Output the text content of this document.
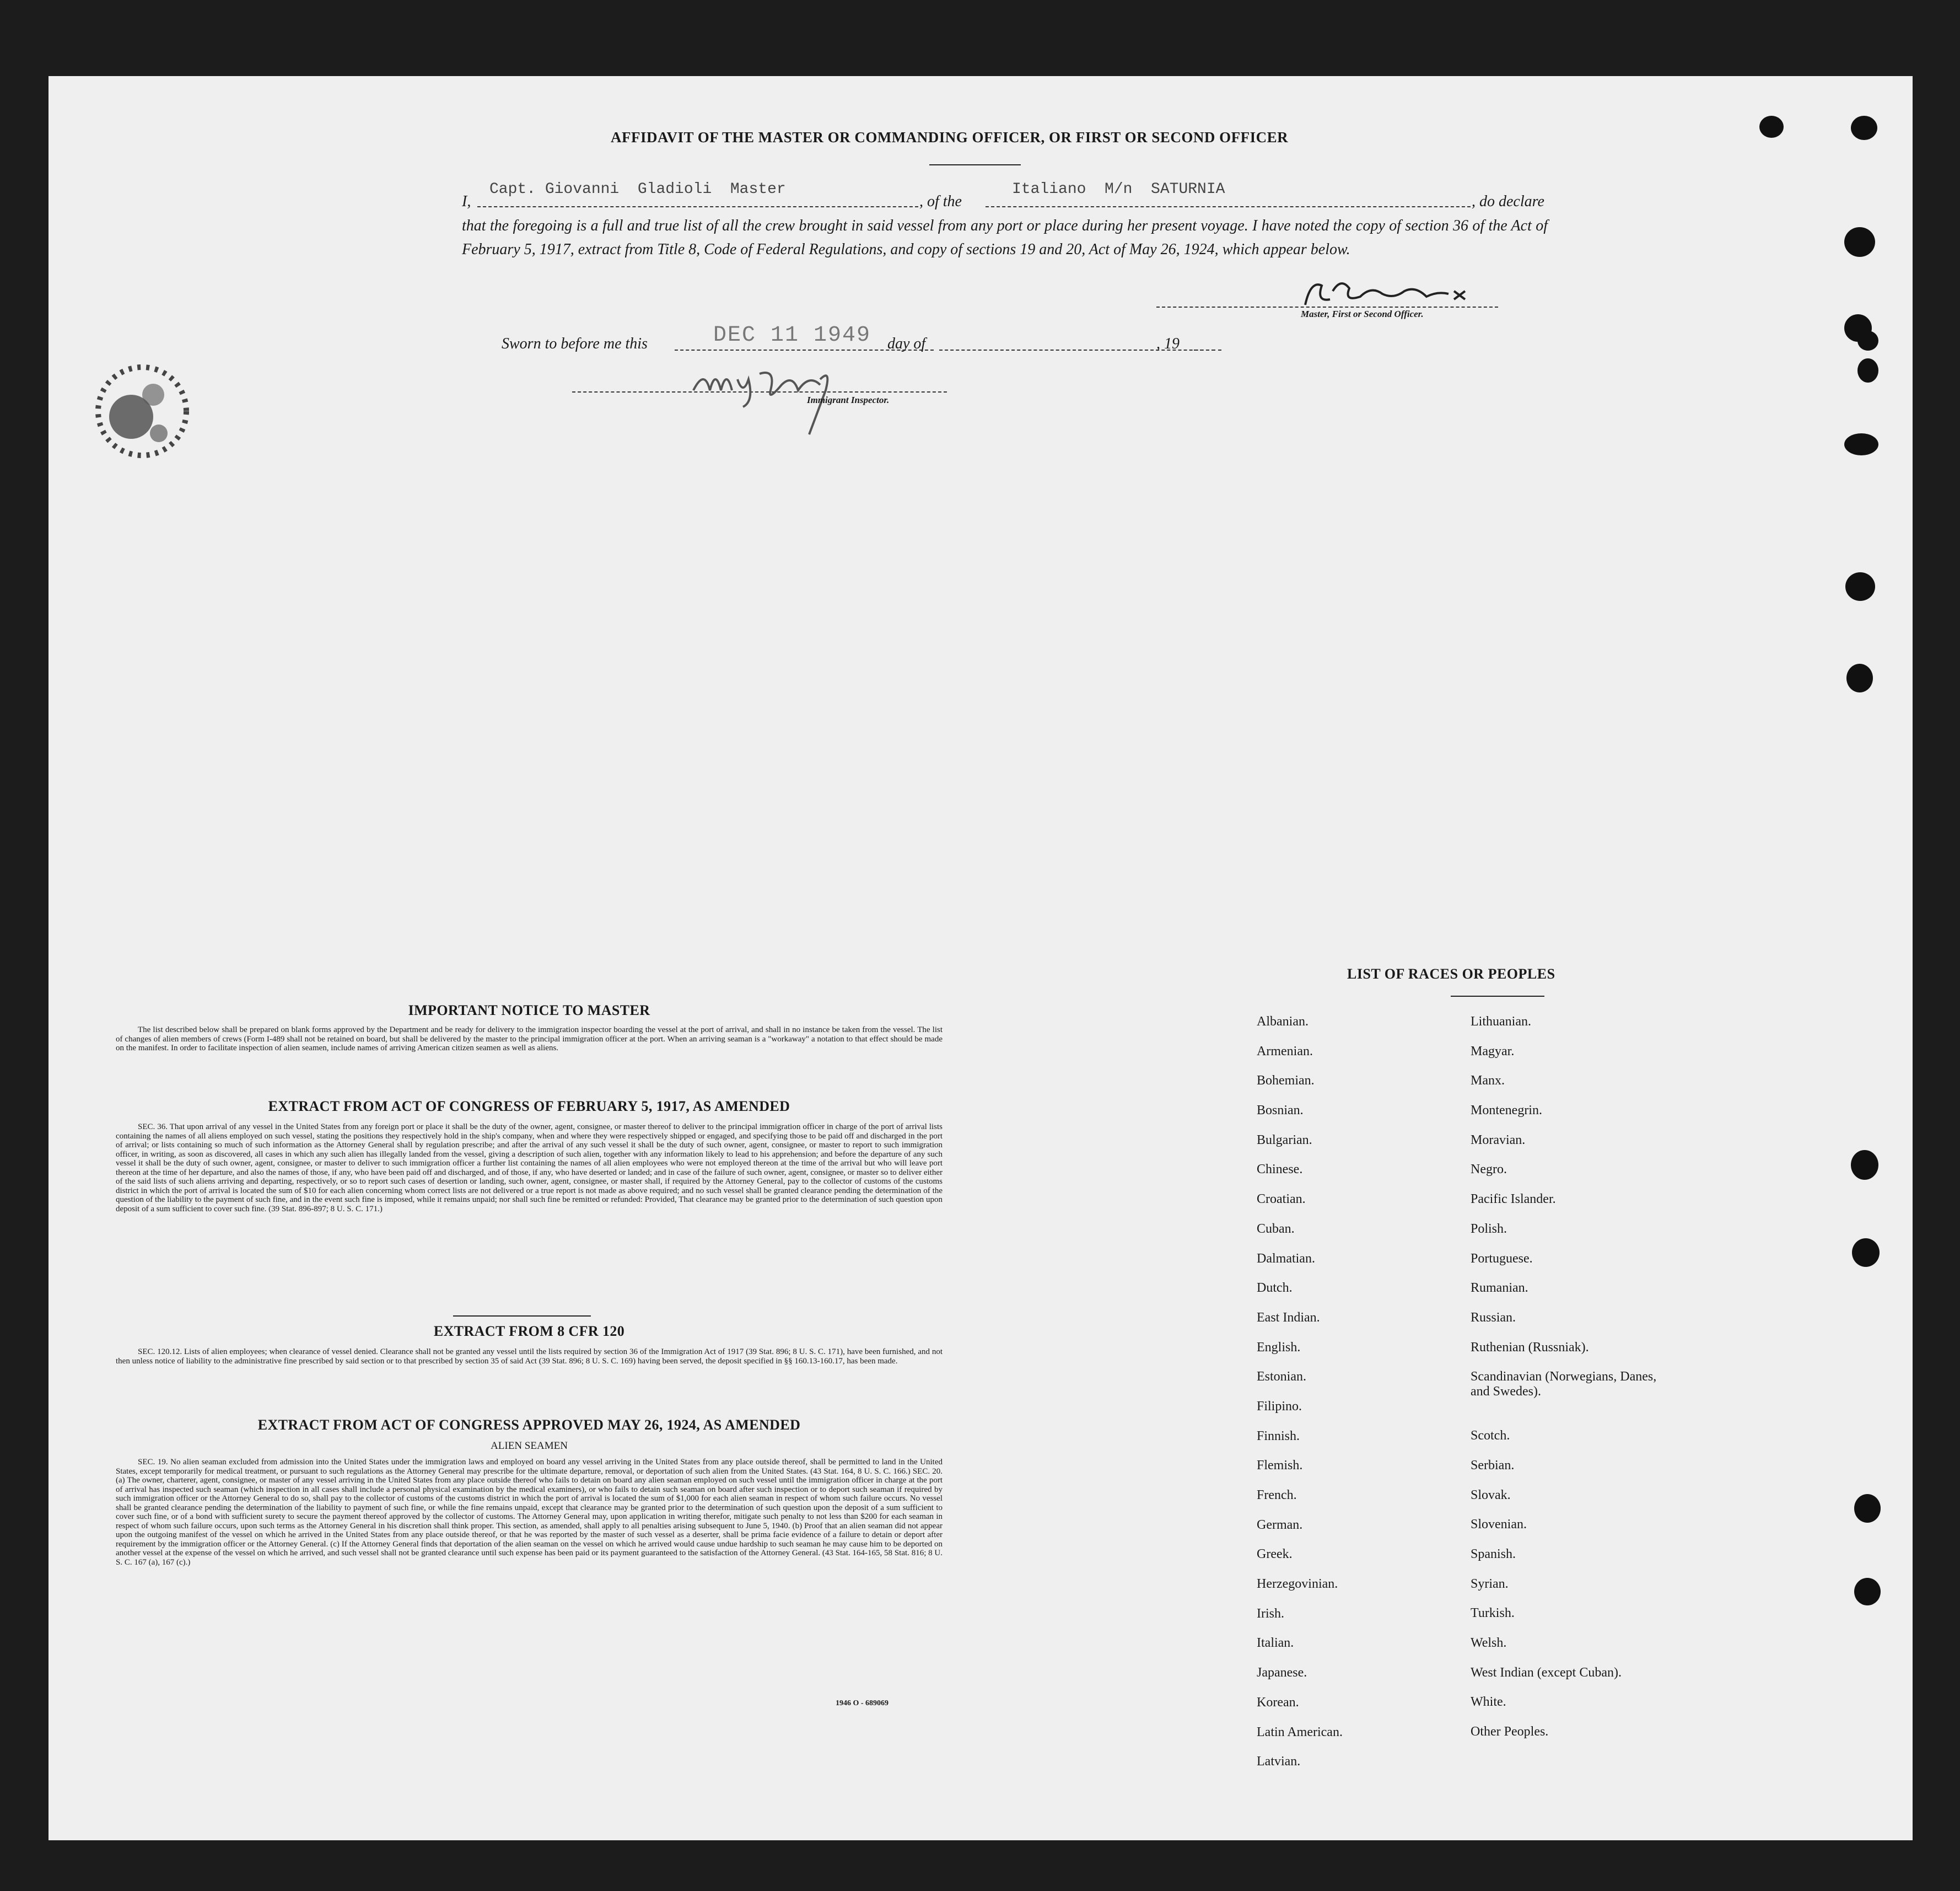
AFFIDAVIT OF THE MASTER OR COMMANDING OFFICER, OR FIRST OR SECOND OFFICER
I,
Capt. Giovanni  Gladioli  Master
, of the
Italiano  M/n  SATURNIA
, do declare
that the foregoing is a full and true list of all the crew brought in said vessel from any port or place during her present voyage. I have noted the copy of section 36 of the Act of February 5, 1917, extract from Title 8, Code of Federal Regulations, and copy of sections 19 and 20, Act of May 26, 1924, which appear below.
Master, First or Second Officer.
Sworn to before me this	DEC 11 1949 day of	, 19
Immigrant Inspector.
IMPORTANT NOTICE TO MASTER
The list described below shall be prepared on blank forms approved by the Department and be ready for delivery to the immigration inspector boarding the vessel at the port of arrival, and shall in no instance be taken from the vessel. The list of changes of alien members of crews (Form I-489 shall not be retained on board, but shall be delivered by the master to the principal immigration officer at the port. When an arriving seaman is a "workaway" a notation to that effect should be made on the manifest. In order to facilitate inspection of alien seamen, include names of arriving American citizen seamen as well as aliens.
EXTRACT FROM ACT OF CONGRESS OF FEBRUARY 5, 1917, AS AMENDED
SEC. 36. That upon arrival of any vessel in the United States from any foreign port or place it shall be the duty of the owner, agent, consignee, or master thereof to deliver to the principal immigration officer in charge of the port of arrival lists containing the names of all aliens employed on such vessel, stating the positions they respectively hold in the ship's company, when and where they were respectively shipped or engaged, and specifying those to be paid off and discharged in the port of arrival; or lists containing so much of such information as the Attorney General shall by regulation prescribe; and after the arrival of any such vessel it shall be the duty of such owner, agent, consignee, or master to report to such immigration officer, in writing, as soon as discovered, all cases in which any such alien has illegally landed from the vessel, giving a description of such alien, together with any information likely to lead to his apprehension; and before the departure of any such vessel it shall be the duty of such owner, agent, consignee, or master to deliver to such immigration officer a further list containing the names of all alien employees who were not employed thereon at the time of the arrival but who will leave port thereon at the time of her departure, and also the names of those, if any, who have been paid off and discharged, and of those, if any, who have deserted or landed; and in case of the failure of such owner, agent, consignee, or master so to deliver either of the said lists of such aliens arriving and departing, respectively, or so to report such cases of desertion or landing, such owner, agent, consignee, or master shall, if required by the Attorney General, pay to the collector of customs of the customs district in which the port of arrival is located the sum of $10 for each alien concerning whom correct lists are not delivered or a true report is not made as above required; and no such vessel shall be granted clearance pending the determination of the question of the liability to the payment of such fine, and in the event such fine is imposed, while it remains unpaid; nor shall such fine be remitted or refunded: Provided, That clearance may be granted prior to the determination of such question upon deposit of a sum sufficient to cover such fine. (39 Stat. 896-897; 8 U. S. C. 171.)
EXTRACT FROM 8 CFR 120
SEC. 120.12. Lists of alien employees; when clearance of vessel denied. Clearance shall not be granted any vessel until the lists required by section 36 of the Immigration Act of 1917 (39 Stat. 896; 8 U. S. C. 171), have been furnished, and not then unless notice of liability to the administrative fine prescribed by said section or to that prescribed by section 35 of said Act (39 Stat. 896; 8 U. S. C. 169) having been served, the deposit specified in §§ 160.13-160.17, has been made.
EXTRACT FROM ACT OF CONGRESS APPROVED MAY 26, 1924, AS AMENDED
ALIEN SEAMEN
SEC. 19. No alien seaman excluded from admission into the United States under the immigration laws and employed on board any vessel arriving in the United States from any place outside thereof, shall be permitted to land in the United States, except temporarily for medical treatment, or pursuant to such regulations as the Attorney General may prescribe for the ultimate departure, removal, or deportation of such alien from the United States. (43 Stat. 164, 8 U. S. C. 166.) SEC. 20. (a) The owner, charterer, agent, consignee, or master of any vessel arriving in the United States from any place outside thereof who fails to detain on board any alien seaman employed on such vessel until the immigration officer in charge at the port of arrival has inspected such seaman (which inspection in all cases shall include a personal physical examination by the medical examiners), or who fails to detain such seaman on board after such inspection or to deport such seaman if required by such immigration officer or the Attorney General to do so, shall pay to the collector of customs of the customs district in which the port of arrival is located the sum of $1,000 for each alien seaman in respect of whom such failure occurs. No vessel shall be granted clearance pending the determination of the liability to payment of such fine, or while the fine remains unpaid, except that clearance may be granted prior to the determination of such question upon the deposit of a sum sufficient to cover such fine, or of a bond with sufficient surety to secure the payment thereof approved by the collector of customs. The Attorney General may, upon application in writing therefor, mitigate such penalty to not less than $200 for each seaman in respect of whom such failure occurs, upon such terms as the Attorney General in his discretion shall think proper. This section, as amended, shall apply to all penalties arising subsequent to June 5, 1940. (b) Proof that an alien seaman did not appear upon the outgoing manifest of the vessel on which he arrived in the United States from any place outside thereof, or that he was reported by the master of such vessel as a deserter, shall be prima facie evidence of a failure to detain or deport after requirement by the immigration officer or the Attorney General. (c) If the Attorney General finds that deportation of the alien seaman on the vessel on which he arrived would cause undue hardship to such seaman he may cause him to be deported on another vessel at the expense of the vessel on which he arrived, and such vessel shall not be granted clearance until such expense has been paid or its payment guaranteed to the satisfaction of the Attorney General. (43 Stat. 164-165, 58 Stat. 816; 8 U. S. C. 167 (a), 167 (c).)
1946 O - 689069
LIST OF RACES OR PEOPLES
Albanian.
Armenian.
Bohemian.
Bosnian.
Bulgarian.
Chinese.
Croatian.
Cuban.
Dalmatian.
Dutch.
East Indian.
English.
Estonian.
Filipino.
Finnish.
Flemish.
French.
German.
Greek.
Herzegovinian.
Irish.
Italian.
Japanese.
Korean.
Latin American.
Latvian.
Lithuanian.
Magyar.
Manx.
Montenegrin.
Moravian.
Negro.
Pacific Islander.
Polish.
Portuguese.
Rumanian.
Russian.
Ruthenian (Russniak).
Scandinavian (Norwegians, Danes, and Swedes).
Scotch.
Serbian.
Slovak.
Slovenian.
Spanish.
Syrian.
Turkish.
Welsh.
West Indian (except Cuban).
White.
Other Peoples.
